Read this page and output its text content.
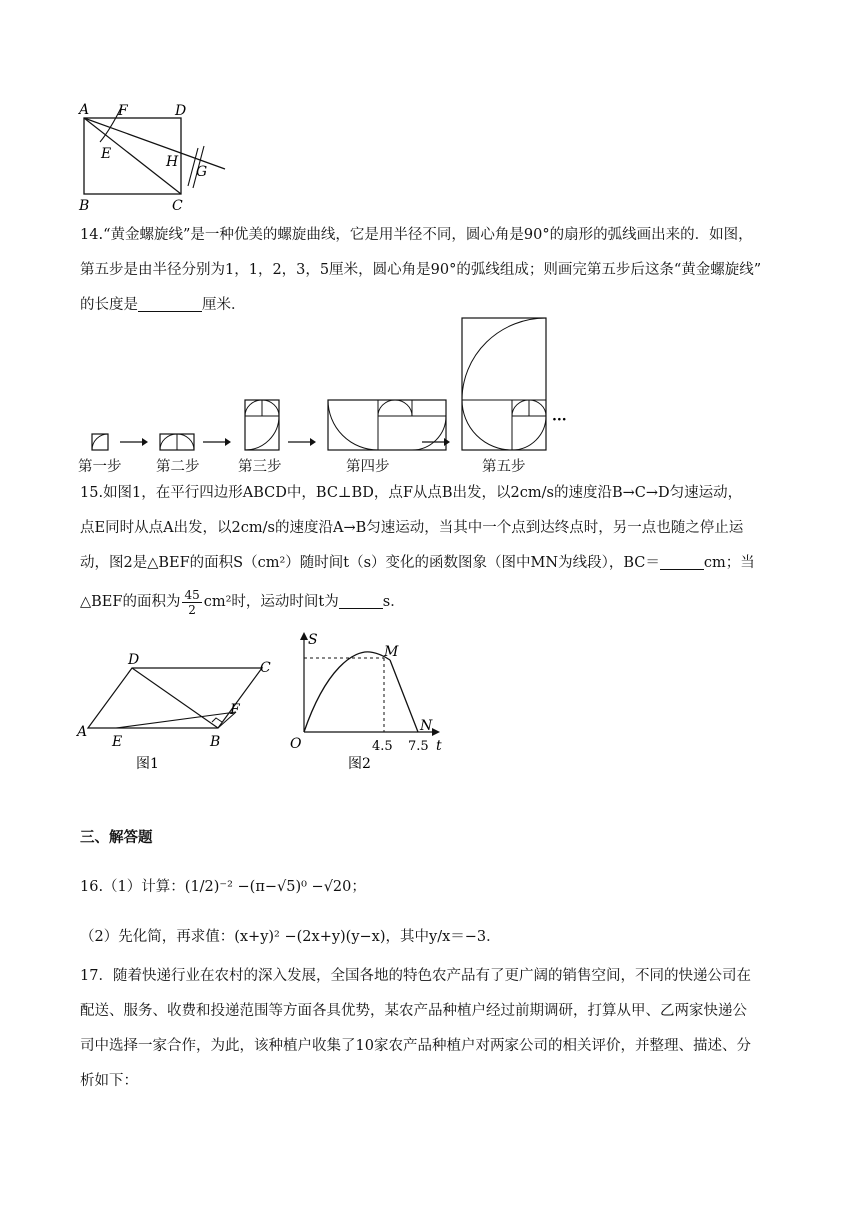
A F	D
E	H
G
B	C
14.“黄金螺旋线”是一种优美的螺旋曲线，它是用半径不同，圆心角是90°的扇形的弧线画出来的．如图，
第五步是由半径分别为1，1，2，3，5厘米，圆心角是90°的弧线组成；则画完第五步后这条“黄金螺旋线”
的长度是	厘米．
···
第一步 第二步	第三步	第四步	第五步
15.如图1，在平行四边形ABCD中，BC⊥BD，点F从点B出发，以2cm/s的速度沿B→C→D匀速运动，
点E同时从点A出发，以2cm/s的速度沿A→B匀速运动，当其中一个点到达终点时，另一点也随之停止运
动，图2是△BEF的面积S（cm²）随时间t（s）变化的函数图象（图中MN为线段），BC＝	cm；当
△BEF的面积为 $\frac{45}{2} cm^2$时，运动时间t为	s．
D	C
F
A
E	B
图1
S
M
N
O	4.5 7.5 t
图2
三、解答题
16.（1）计算：(1/2)⁻² −(π−√5)⁰ −√20；
（2）先化简，再求值：(x+y)² −(2x+y)(y−x)，其中y/x＝−3．
17．随着快递行业在农村的深入发展，全国各地的特色农产品有了更广阔的销售空间，不同的快递公司在
配送、服务、收费和投递范围等方面各具优势，某农产品种植户经过前期调研，打算从甲、乙两家快递公
司中选择一家合作，为此，该种植户收集了10家农产品种植户对两家公司的相关评价，并整理、描述、分
析如下：
